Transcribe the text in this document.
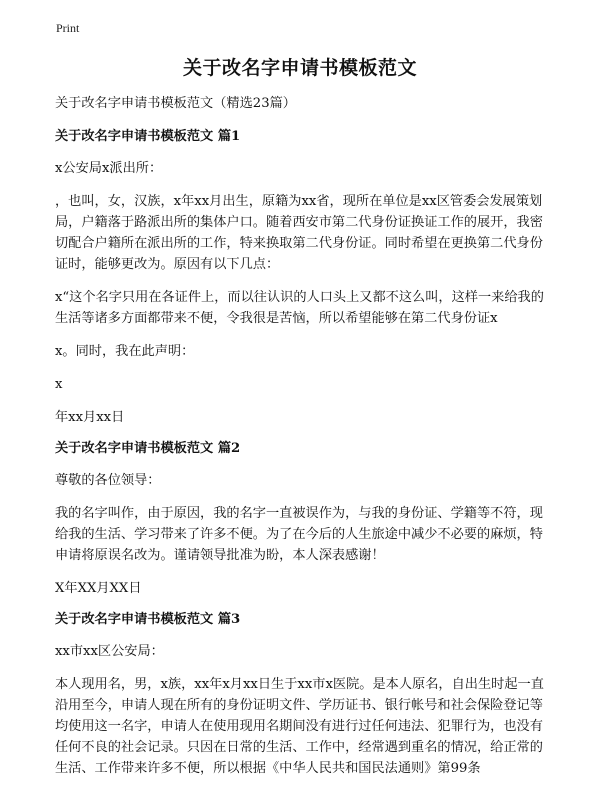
Print
关于改名字申请书模板范文

关于改名字申请书模板范文（精选23篇）

关于改名字申请书模板范文 篇1

x公安局x派出所：

，也叫，女，汉族，x年xx月出生，原籍为xx省，现所在单位是xx区管委会发展策划局，户籍落于路派出所的集体户口。随着西安市第二代身份证换证工作的展开，我密切配合户籍所在派出所的工作，特来换取第二代身份证。同时希望在更换第二代身份证时，能够更改为。原因有以下几点：

x“这个名字只用在各证件上，而以往认识的人口头上又都不这么叫，这样一来给我的生活等诸多方面都带来不便，令我很是苦恼，所以希望能够在第二代身份证x

x。同时，我在此声明：

x

年xx月xx日

关于改名字申请书模板范文 篇2

尊敬的各位领导：

我的名字叫作，由于原因，我的名字一直被误作为，与我的身份证、学籍等不符，现给我的生活、学习带来了许多不便。为了在今后的人生旅途中减少不必要的麻烦，特申请将原误名改为。谨请领导批准为盼，本人深表感谢！

X年XX月XX日

关于改名字申请书模板范文 篇3

xx市xx区公安局：

本人现用名，男，x族，xx年x月xx日生于xx市x医院。是本人原名，自出生时起一直沿用至今，申请人现在所有的身份证明文件、学历证书、银行帐号和社会保险登记等均使用这一名字，申请人在使用现用名期间没有进行过任何违法、犯罪行为，也没有任何不良的社会记录。只因在日常的生活、工作中，经常遇到重名的情况，给正常的生活、工作带来许多不便，所以根据《中华人民共和国民法通则》第99条
